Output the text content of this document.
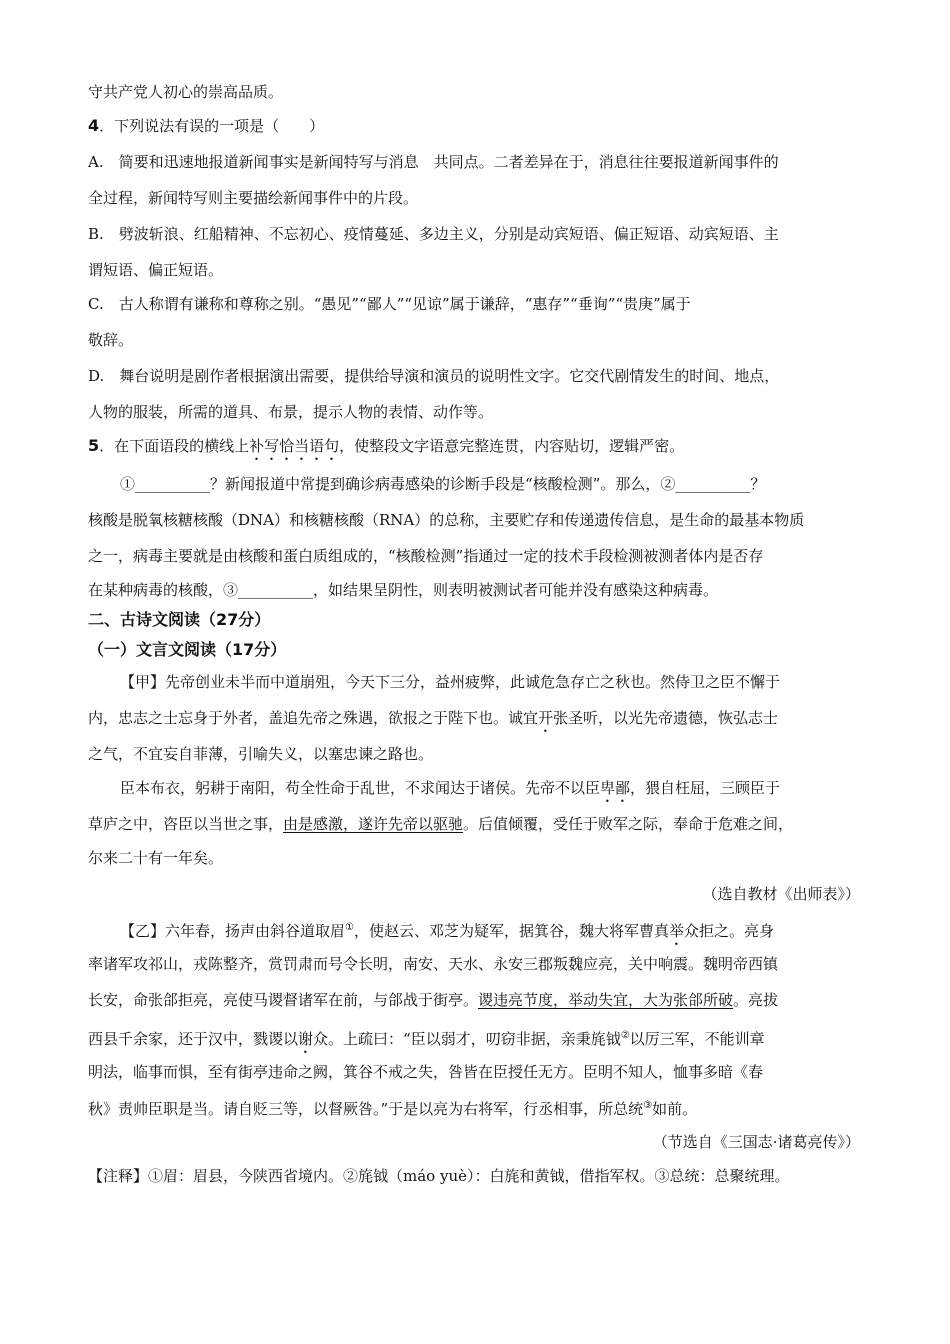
守共产党人初心的崇高品质。
4．下列说法有误的一项是（　　）
A.　简要和迅速地报道新闻事实是新闻特写与消息　共同点。二者差异在于，消息往往要报道新闻事件的
全过程，新闻特写则主要描绘新闻事件中的片段。
B.　劈波斩浪、红船精神、不忘初心、疫情蔓延、多边主义，分别是动宾短语、偏正短语、动宾短语、主
谓短语、偏正短语。
C.　古人称谓有谦称和尊称之别。“愚见”“鄙人”“见谅”属于谦辞，“惠存”“垂询”“贵庚”属于
敬辞。
D.　舞台说明是剧作者根据演出需要，提供给导演和演员的说明性文字。它交代剧情发生的时间、地点，
人物的服装，所需的道具、布景，提示人物的表情、动作等。
5．在下面语段的横线上补写恰当语句，使整段文字语意完整连贯，内容贴切，逻辑严密。
①__________？新闻报道中常提到确诊病毒感染的诊断手段是“核酸检测”。那么，②__________？
核酸是脱氧核糖核酸（DNA）和核糖核酸（RNA）的总称，主要贮存和传递遗传信息，是生命的最基本物质
之一，病毒主要就是由核酸和蛋白质组成的，“核酸检测”指通过一定的技术手段检测被测者体内是否存
在某种病毒的核酸，③__________，如结果呈阴性，则表明被测试者可能并没有感染这种病毒。
二、古诗文阅读（27分）
（一）文言文阅读（17分）
【甲】先帝创业未半而中道崩殂，今天下三分，益州疲弊，此诚危急存亡之秋也。然侍卫之臣不懈于
内，忠志之士忘身于外者，盖追先帝之殊遇，欲报之于陛下也。诚宜开张圣听，以光先帝遗德，恢弘志士
之气，不宜妄自菲薄，引喻失义，以塞忠谏之路也。
臣本布衣，躬耕于南阳，苟全性命于乱世，不求闻达于诸侯。先帝不以臣卑鄙，猥自枉屈，三顾臣于
草庐之中，咨臣以当世之事，由是感激，遂许先帝以驱驰。后值倾覆，受任于败军之际，奉命于危难之间，
尔来二十有一年矣。
（选自教材《出师表》）
【乙】六年春，扬声由斜谷道取眉①，使赵云、邓芝为疑军，据箕谷，魏大将军曹真举众拒之。亮身
率诸军攻祁山，戎陈整齐，赏罚肃而号令长明，南安、天水、永安三郡叛魏应亮，关中响震。魏明帝西镇
长安，命张郃拒亮，亮使马谡督诸军在前，与郃战于街亭。谡违亮节度，举动失宜，大为张郃所破。亮拔
西县千余家，还于汉中，戮谡以谢众。上疏曰：“臣以弱才，叨窃非据，亲秉旄钺②以厉三军，不能训章
明法，临事而惧，至有街亭违命之阙，箕谷不戒之失，咎皆在臣授任无方。臣明不知人，恤事多暗《春
秋》责帅臣职是当。请自贬三等，以督厥咎。”于是以亮为右将军，行丞相事，所总统③如前。
（节选自《三国志·诸葛亮传》）
【注释】①眉：眉县，今陕西省境内。②旄钺（máo yuè）：白旄和黄钺，借指军权。③总统：总聚统理。
